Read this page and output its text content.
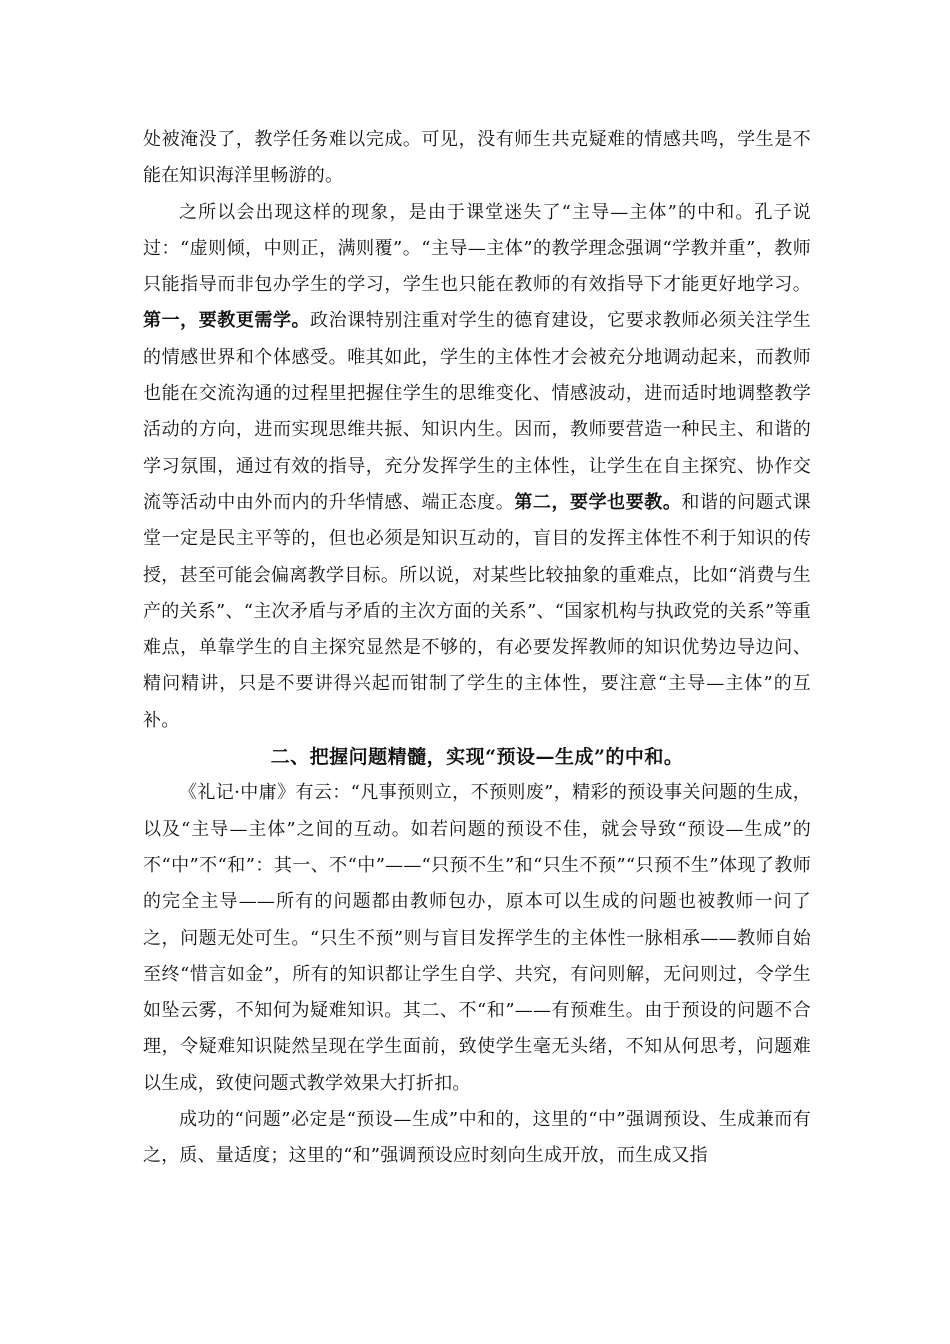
处被淹没了，教学任务难以完成。可见，没有师生共克疑难的情感共鸣，学生是不能在知识海洋里畅游的。

之所以会出现这样的现象，是由于课堂迷失了“主导—主体”的中和。孔子说过：“虚则倾，中则正，满则覆”。“主导—主体”的教学理念强调“学教并重”，教师只能指导而非包办学生的学习，学生也只能在教师的有效指导下才能更好地学习。第一，要教更需学。政治课特别注重对学生的德育建设，它要求教师必须关注学生的情感世界和个体感受。唯其如此，学生的主体性才会被充分地调动起来，而教师也能在交流沟通的过程里把握住学生的思维变化、情感波动，进而适时地调整教学活动的方向，进而实现思维共振、知识内生。因而，教师要营造一种民主、和谐的学习氛围，通过有效的指导，充分发挥学生的主体性，让学生在自主探究、协作交流等活动中由外而内的升华情感、端正态度。第二，要学也要教。和谐的问题式课堂一定是民主平等的，但也必须是知识互动的，盲目的发挥主体性不利于知识的传授，甚至可能会偏离教学目标。所以说，对某些比较抽象的重难点，比如“消费与生产的关系”、“主次矛盾与矛盾的主次方面的关系”、“国家机构与执政党的关系”等重难点，单靠学生的自主探究显然是不够的，有必要发挥教师的知识优势边导边问、精问精讲，只是不要讲得兴起而钳制了学生的主体性，要注意“主导—主体”的互补。

二、把握问题精髓，实现“预设—生成”的中和。

《礼记·中庸》有云：“凡事预则立，不预则废”，精彩的预设事关问题的生成，以及“主导—主体”之间的互动。如若问题的预设不佳，就会导致“预设—生成”的不“中”不“和”：其一、不“中”——“只预不生”和“只生不预”“只预不生”体现了教师的完全主导——所有的问题都由教师包办，原本可以生成的问题也被教师一问了之，问题无处可生。“只生不预”则与盲目发挥学生的主体性一脉相承——教师自始至终“惜言如金”，所有的知识都让学生自学、共究，有问则解，无问则过，令学生如坠云雾，不知何为疑难知识。其二、不“和”——有预难生。由于预设的问题不合理，令疑难知识陡然呈现在学生面前，致使学生毫无头绪，不知从何思考，问题难以生成，致使问题式教学效果大打折扣。

成功的“问题”必定是“预设—生成”中和的，这里的“中”强调预设、生成兼而有之，质、量适度；这里的“和”强调预设应时刻向生成开放，而生成又指
